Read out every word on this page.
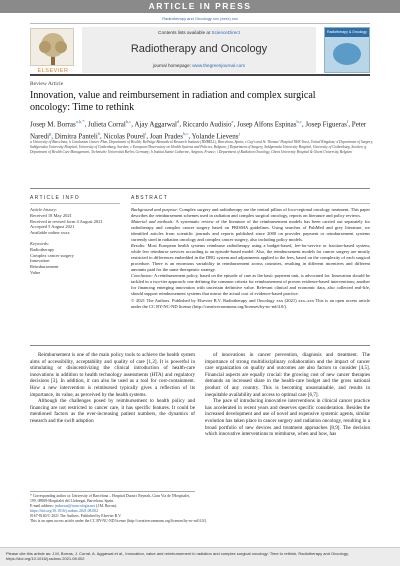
ARTICLE IN PRESS
Radiotherapy and Oncology xxx (xxxx) xxx
ELSEVIER
Contents lists available at ScienceDirect
Radiotherapy and Oncology
journal homepage: www.thegreenjournal.com
Radiotherapy & Oncology
Review Article
Innovation, value and reimbursement in radiation and complex surgical oncology: Time to rethink
Josep M. Borras$^{a,b,*}$, Julieta Corral$^{b,c}$, Ajay Aggarwal$^d$, Riccardo Audisio$^e$, Josep Alfons Espinas$^{b,c}$, Josep Figueras$^f$, Peter Naredi$^g$, Dimitra Panteli$^h$, Nicolas Pourel$^i$, Joan Prades$^{b,c}$, Yolande Lievens$^j$
a University of Barcelona; b Catalonian Cancer Plan, Department of Health; Bellvitge Biomedical Research Institute (IDIBELL), Barcelona, Spain; c Guy's and St. Thomas' Hospital NHS Trust, United Kingdom; d Department of Surgery, Sahlgrenska University Hospital, University of Gothenburg, Sweden; e European Observatory on Health Systems and Policies, Belgium; f Department of Surgery, Sahlgrenska University Hospital, University of Gothenburg, Sweden; g Department of Health Care Management, Technische Universität Berlin, Germany; h Institut Sainte Catherine, Avignon, France; i Department of Radiation Oncology, Ghent University Hospital & Ghent University, Belgium
ARTICLE INFO
Article history:
Received 18 May 2021
Received in revised form 4 August 2021
Accepted 5 August 2021
Available online xxxx
Keywords:
Radiotherapy
Complex cancer surgery
Innovation
Reimbursement
Value
ABSTRACT

Background and purpose: Complex surgery and radiotherapy are the central pillars of loco-regional oncology treatment. This paper describes the reimbursement schemes used in radiation and complex surgical oncology, reports on literature and policy reviews.

Material and methods: A systematic review of the literature of the reimbursement models has been carried out separately for radiotherapy and complex cancer surgery based on PRISMA guidelines. Using searches of PubMed and grey literature, we identified articles from scientific journals and reports published since 2000 on provider payment or reimbursement systems currently used in radiation oncology and complex cancer surgery, also including policy models.

Results: Most European health systems reimburse radiotherapy using a budget-based, fee-for-service or fraction-based system; while few reimburse services according to an episode-based model. Also, the reimbursement models for cancer surgery are mostly restricted to differences embedded in the DRG system and adjustments applied to the fees, based on the complexity of each surgical procedure. There is an enormous variability in reimbursement across countries, resulting in different incentives and different amounts paid for the same therapeutic strategy.

Conclusion: A reimbursement policy, based on the episode of care as the basic payment unit, is advocated for. Innovation should be tackled in a two-tier approach: one defining the common criteria for reimbursement of proven evidence-based interventions; another for financing emerging innovation with uncertain definitive value. Relevant clinical and economic data, also collected real-life, should support reimbursement systems that mirror the actual cost of evidence-based practice.

© 2021 The Authors. Published by Elsevier B.V. Radiotherapy and Oncology xxx (2021) xxx–xxx This is an open access article under the CC BY-NC-ND license (http://creativecommons.org/licenses/by-nc-nd/4.0/).

Reimbursement is one of the main policy tools to achieve the health system aims of accessibility, acceptability and quality of care [1,2]. It is powerful in stimulating or disincentivizing the clinical introduction of health-care innovations in addition to health technology assessments (HTA) and regulatory decisions [3]. In addition, it can also be used as a tool for cost-containment. How a new intervention is reimbursed typically gives a reflection of its importance, its value, as perceived by the health systems.

Although the challenges posed by reimbursement to health policy and financing are not restricted to cancer care, it has specific features. It could be mentioned factors as the ever-increasing patient numbers, the dynamics of research and the swift adoption

of innovations in cancer prevention, diagnosis and treatment. The importance of strong multidisciplinary collaboration and the impact of cancer care organization on quality and outcomes are also factors to consider [4,5]. Financial aspects are equally crucial: the growing cost of new cancer therapies demands an increased share in the health-care budget and the gross national product of any country. This is becoming unsustainable, and results in inequitable availability and access to optimal care [6,7].

The pace of introducing innovative interventions in clinical cancer practice has accelerated in recent years and deserves specific consideration. Besides the increased development and use of novel and expensive systemic agents, similar evolution has taken place in cancer surgery and radiation oncology, resulting in a broad portfolio of new devices and treatment approaches [8,9]. The decision which innovative interventions to reimburse, when and how, has

* Corresponding author at: University of Barcelona – Hospital Duran i Reynals, Gran Via de l'Hospitalet, 199, 08908-Hospitalet del Llobregat, Barcelona, Spain.
E-mail address: jmborras@iconcologia.net (J.M. Borras).
https://doi.org/10.1016/j.radonc.2021.08.002
0167-8140/© 2021 The Authors. Published by Elsevier B.V.
This is an open access article under the CC BY-NC-ND license (http://creativecommons.org/licenses/by-nc-nd/4.0/).
Please cite this article as: J.M. Borras, J. Corral, A. Aggarwal et al., Innovation, value and reimbursement in radiation and complex surgical oncology: Time to rethink, Radiotherapy and Oncology, https://doi.org/10.1016/j.radonc.2021.08.002
